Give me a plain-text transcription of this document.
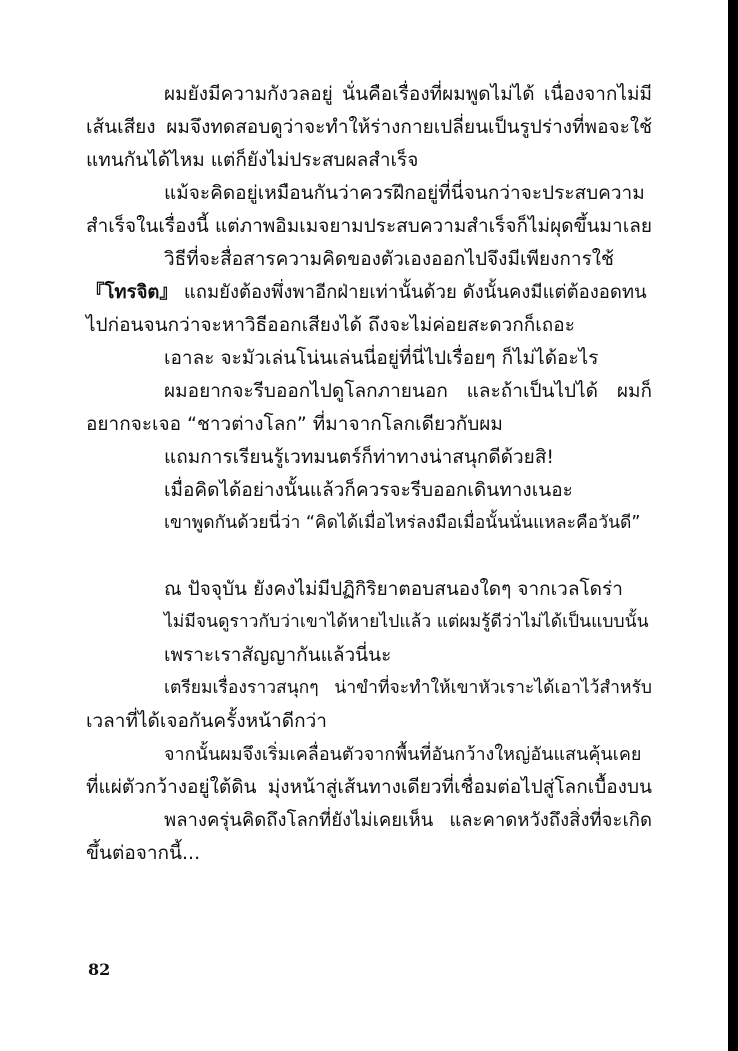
ผมยังมีความกังวลอยู่ นั่นคือเรื่องที่ผมพูดไม่ได้ เนื่องจากไม่มี
เส้นเสียง ผมจึงทดสอบดูว่าจะทำให้ร่างกายเปลี่ยนเป็นรูปร่างที่พอจะใช้
แทนกันได้ไหม แต่ก็ยังไม่ประสบผลสำเร็จ
แม้จะคิดอยู่เหมือนกันว่าควรฝึกอยู่ที่นี่จนกว่าจะประสบความ
สำเร็จในเรื่องนี้ แต่ภาพอิมเมจยามประสบความสำเร็จก็ไม่ผุดขึ้นมาเลย
วิธีที่จะสื่อสารความคิดของตัวเองออกไปจึงมีเพียงการใช้
『โทรจิต』 แถมยังต้องพึ่งพาอีกฝ่ายเท่านั้นด้วย ดังนั้นคงมีแต่ต้องอดทน
ไปก่อนจนกว่าจะหาวิธีออกเสียงได้ ถึงจะไม่ค่อยสะดวกก็เถอะ
เอาละ จะมัวเล่นโน่นเล่นนี่อยู่ที่นี่ไปเรื่อยๆ ก็ไม่ได้อะไร
ผมอยากจะรีบออกไปดูโลกภายนอก และถ้าเป็นไปได้ ผมก็
อยากจะเจอ “ชาวต่างโลก” ที่มาจากโลกเดียวกับผม
แถมการเรียนรู้เวทมนตร์ก็ท่าทางน่าสนุกดีด้วยสิ!
เมื่อคิดได้อย่างนั้นแล้วก็ควรจะรีบออกเดินทางเนอะ
เขาพูดกันด้วยนี่ว่า “คิดได้เมื่อไหร่ลงมือเมื่อนั้นนั่นแหละคือวันดี”
ณ ปัจจุบัน ยังคงไม่มีปฏิกิริยาตอบสนองใดๆ จากเวลโดร่า
ไม่มีจนดูราวกับว่าเขาได้หายไปแล้ว แต่ผมรู้ดีว่าไม่ได้เป็นแบบนั้น
เพราะเราสัญญากันแล้วนี่นะ
เตรียมเรื่องราวสนุกๆ น่าขำที่จะทำให้เขาหัวเราะได้เอาไว้สำหรับ
เวลาที่ได้เจอกันครั้งหน้าดีกว่า
จากนั้นผมจึงเริ่มเคลื่อนตัวจากพื้นที่อันกว้างใหญ่อันแสนคุ้นเคย
ที่แผ่ตัวกว้างอยู่ใต้ดิน มุ่งหน้าสู่เส้นทางเดียวที่เชื่อมต่อไปสู่โลกเบื้องบน
พลางครุ่นคิดถึงโลกที่ยังไม่เคยเห็น และคาดหวังถึงสิ่งที่จะเกิด
ขึ้นต่อจากนี้...
82
